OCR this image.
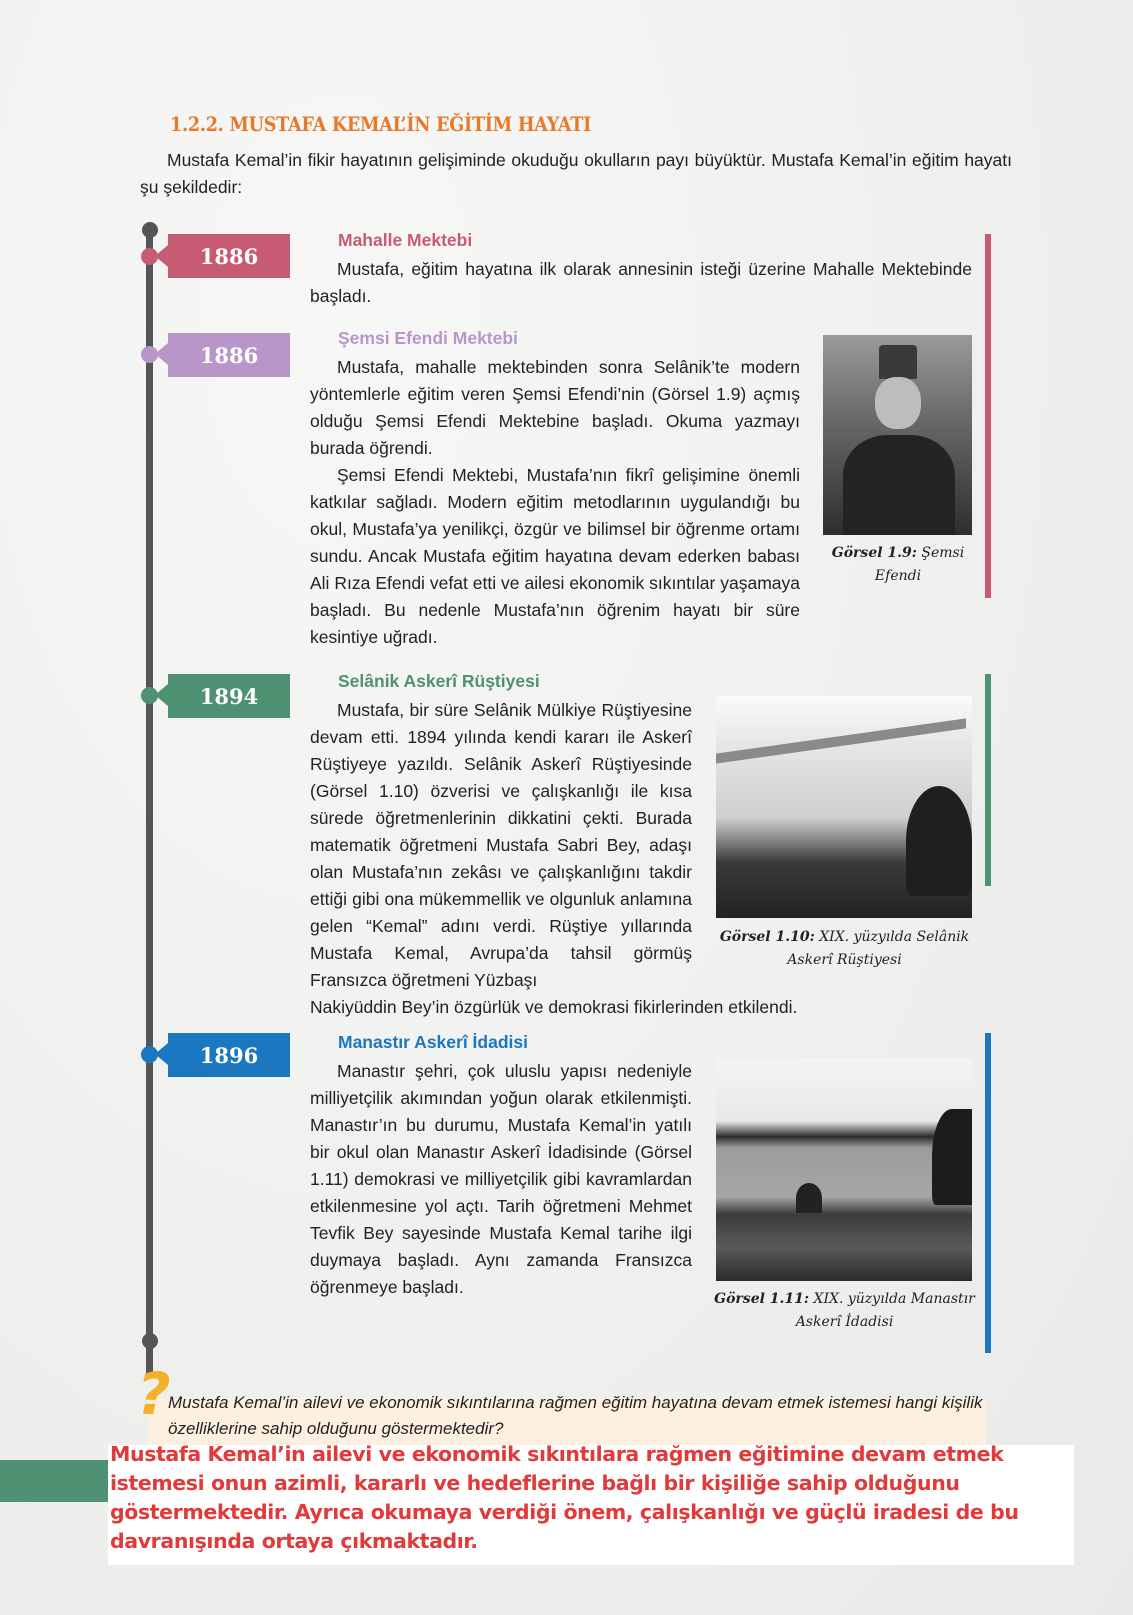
1.2.2. MUSTAFA KEMAL’İN EĞİTİM HAYATI
Mustafa Kemal’in fikir hayatının gelişiminde okuduğu okulların payı büyüktür. Mustafa Kemal’in eğitim hayatı şu şekildedir:
1886
Mahalle Mektebi
Mustafa, eğitim hayatına ilk olarak annesinin isteği üzerine Mahalle Mektebinde başladı.
1886
Şemsi Efendi Mektebi
Mustafa, mahalle mektebinden sonra Selânik’te modern yöntemlerle eğitim veren Şemsi Efendi’nin (Görsel 1.9) açmış olduğu Şemsi Efendi Mektebine başladı. Okuma yazmayı burada öğrendi.
Şemsi Efendi Mektebi, Mustafa’nın fikrî gelişimine önemli katkılar sağladı. Modern eğitim metodlarının uygulandığı bu okul, Mustafa’ya yenilikçi, özgür ve bilimsel bir öğrenme ortamı sundu. Ancak Mustafa eğitim hayatına devam ederken babası Ali Rıza Efendi vefat etti ve ailesi ekonomik sıkıntılar yaşamaya başladı. Bu nedenle Mustafa’nın öğrenim hayatı bir süre kesintiye uğradı.
Görsel 1.9: Şemsi Efendi
1894
Selânik Askerî Rüştiyesi
Mustafa, bir süre Selânik Mülkiye Rüştiyesine devam etti. 1894 yılında kendi kararı ile Askerî Rüştiyeye yazıldı. Selânik Askerî Rüştiyesinde (Görsel 1.10) özverisi ve çalışkanlığı ile kısa sürede öğretmenlerinin dikkatini çekti. Burada matematik öğretmeni Mustafa Sabri Bey, adaşı olan Mustafa’nın zekâsı ve çalışkanlığını takdir ettiği gibi ona mükemmellik ve olgunluk anlamına gelen “Kemal” adını verdi. Rüştiye yıllarında Mustafa Kemal, Avrupa’da tahsil görmüş Fransızca öğretmeni Yüzbaşı
Nakiyüddin Bey’in özgürlük ve demokrasi fikirlerinden etkilendi.
Görsel 1.10: XIX. yüzyılda Selânik Askerî Rüştiyesi
1896
Manastır Askerî İdadisi
Manastır şehri, çok uluslu yapısı nedeniyle milliyetçilik akımından yoğun olarak etkilenmişti. Manastır’ın bu durumu, Mustafa Kemal’in yatılı bir okul olan Manastır Askerî İdadisinde (Görsel 1.11) demokrasi ve milliyetçilik gibi kavramlardan etkilenmesine yol açtı. Tarih öğretmeni Mehmet Tevfik Bey sayesinde Mustafa Kemal tarihe ilgi duymaya başladı. Aynı zamanda Fransızca öğrenmeye başladı.
Görsel 1.11: XIX. yüzyılda Manastır Askerî İdadisi
?
Mustafa Kemal’in ailevi ve ekonomik sıkıntılarına rağmen eğitim hayatına devam etmek istemesi hangi kişilik özelliklerine sahip olduğunu göstermektedir?
Mustafa Kemal’in ailevi ve ekonomik sıkıntılara rağmen eğitimine devam etmek istemesi onun azimli, kararlı ve hedeflerine bağlı bir kişiliğe sahip olduğunu göstermektedir. Ayrıca okumaya verdiği önem, çalışkanlığı ve güçlü iradesi de bu davranışında ortaya çıkmaktadır.
